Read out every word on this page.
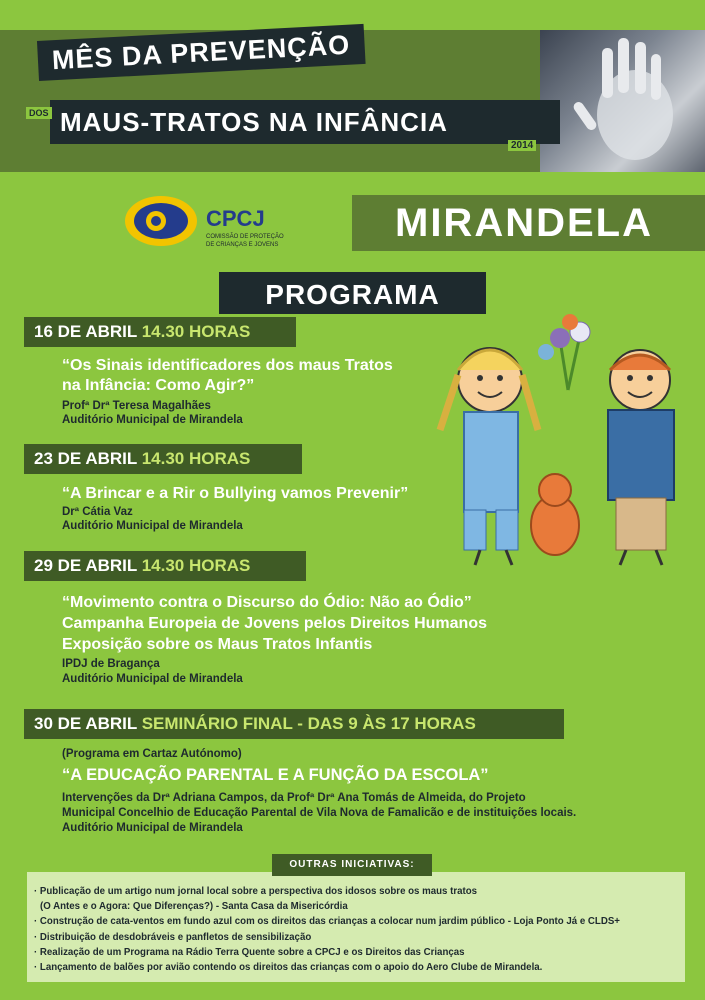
MÊS DA PREVENÇÃO
MAUS-TRATOS NA INFÂNCIA
DOS
2014
CPCJ
COMISSÃO DE PROTEÇÃO
DE CRIANÇAS E JOVENS	MIRANDELA
PROGRAMA
16 DE ABRIL 14.30 HORAS
“Os Sinais identificadores dos maus Tratos
na Infância: Como Agir?”
Profª Drª Teresa Magalhães
Auditório Municipal de Mirandela
23 DE ABRIL 14.30 HORAS
“A Brincar e a Rir o Bullying vamos Prevenir”
Drª Cátia Vaz
Auditório Municipal de Mirandela
29 DE ABRIL 14.30 HORAS
“Movimento contra o Discurso do Ódio: Não ao Ódio”
Campanha Europeia de Jovens pelos Direitos Humanos
Exposição sobre os Maus Tratos Infantis
IPDJ de Bragança
Auditório Municipal de Mirandela
30 DE ABRIL SEMINÁRIO FINAL - DAS 9 ÀS 17 HORAS
(Programa em Cartaz Autónomo)
“A EDUCAÇÃO PARENTAL E A FUNÇÃO DA ESCOLA”
Intervenções da Drª Adriana Campos, da Profª Drª Ana Tomás de Almeida, do Projeto
Municipal Concelhio de Educação Parental de Vila Nova de Famalicão e de instituições locais.
Auditório Municipal de Mirandela
OUTRAS INICIATIVAS:
· Publicação de um artigo num jornal local sobre a perspectiva dos idosos sobre os maus tratos
(O Antes e o Agora: Que Diferenças?) - Santa Casa da Misericórdia
· Construção de cata-ventos em fundo azul com os direitos das crianças a colocar num jardim público - Loja Ponto Já e CLDS+
· Distribuição de desdobráveis e panfletos de sensibilização
· Realização de um Programa na Rádio Terra Quente sobre a CPCJ e os Direitos das Crianças
· Lançamento de balões por avião contendo os direitos das crianças com o apoio do Aero Clube de Mirandela.
